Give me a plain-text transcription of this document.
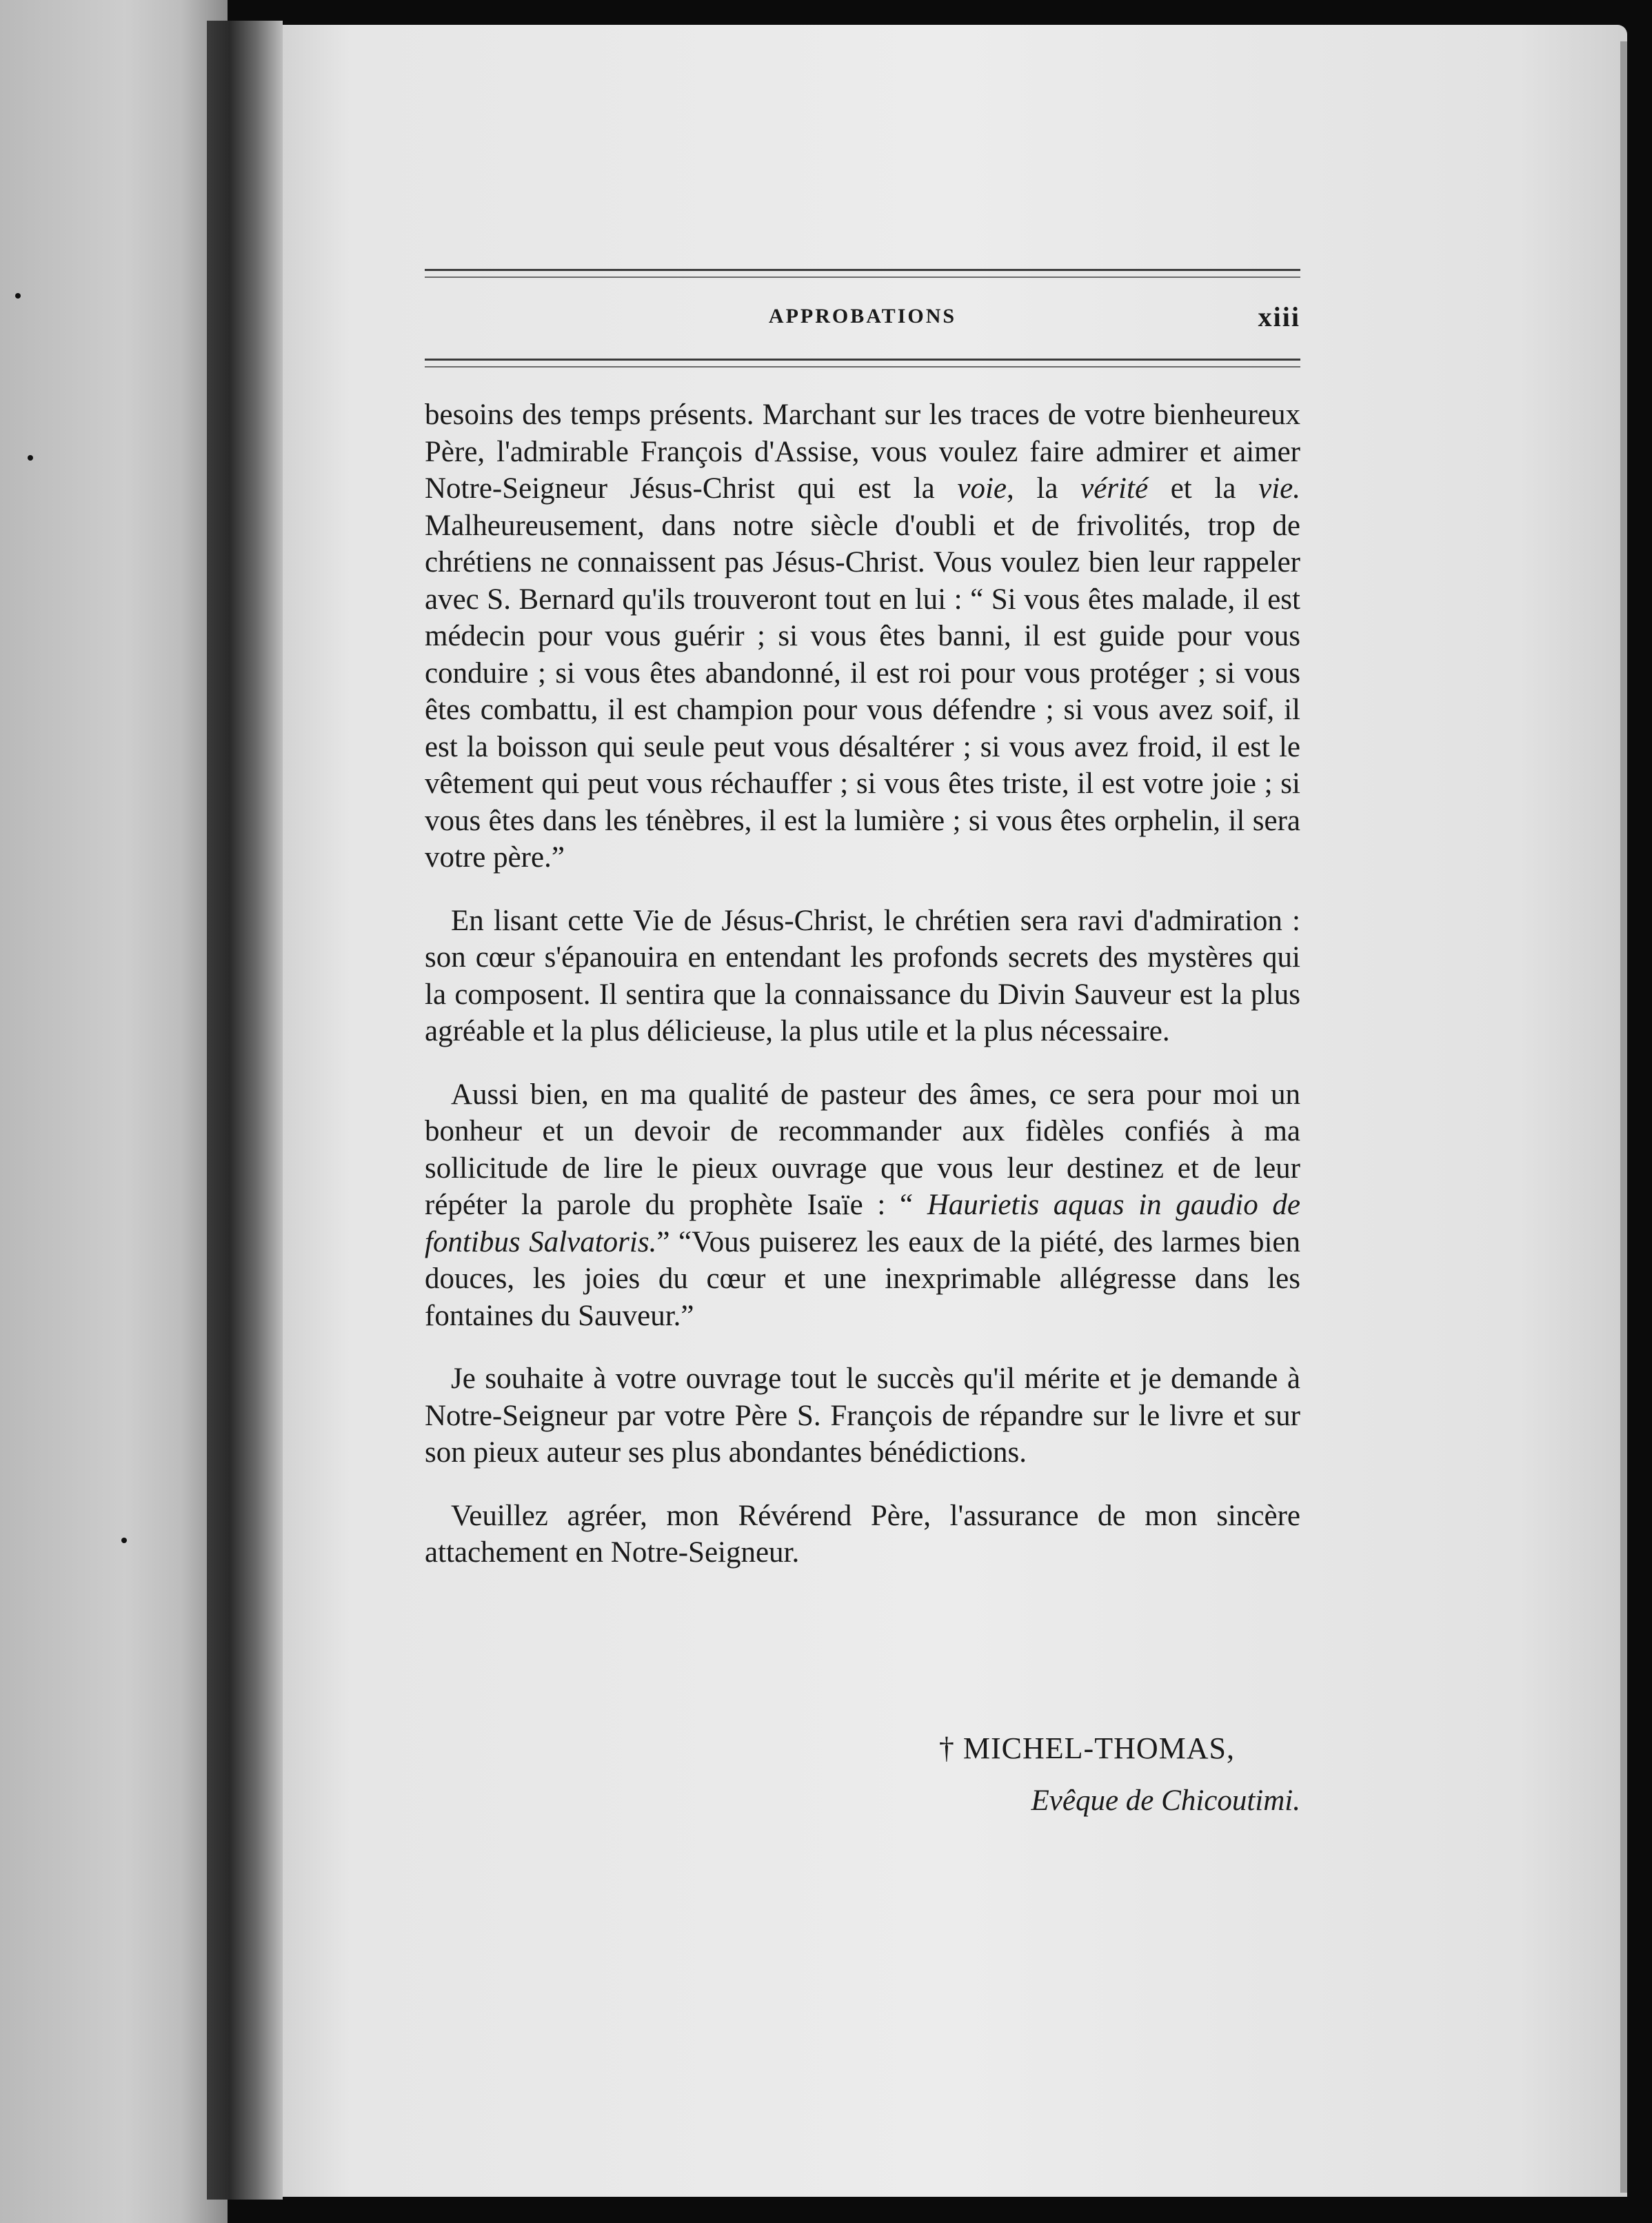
APPROBATIONS	xiii

besoins des temps présents. Marchant sur les traces de votre bienheureux Père, l'admirable François d'Assise, vous voulez faire admirer et aimer Notre-Seigneur Jésus-Christ qui est la voie, la vérité et la vie. Malheureusement, dans notre siècle d'oubli et de frivolités, trop de chrétiens ne connaissent pas Jésus-Christ. Vous voulez bien leur rappeler avec S. Bernard qu'ils trouveront tout en lui : “ Si vous êtes malade, il est médecin pour vous guérir ; si vous êtes banni, il est guide pour vous conduire ; si vous êtes abandonné, il est roi pour vous protéger ; si vous êtes combattu, il est champion pour vous défendre ; si vous avez soif, il est la boisson qui seule peut vous désaltérer ; si vous avez froid, il est le vêtement qui peut vous réchauffer ; si vous êtes triste, il est votre joie ; si vous êtes dans les ténèbres, il est la lumière ; si vous êtes orphelin, il sera votre père.”

En lisant cette Vie de Jésus-Christ, le chrétien sera ravi d'admiration : son cœur s'épanouira en entendant les profonds secrets des mystères qui la composent. Il sentira que la connaissance du Divin Sauveur est la plus agréable et la plus délicieuse, la plus utile et la plus nécessaire.

Aussi bien, en ma qualité de pasteur des âmes, ce sera pour moi un bonheur et un devoir de recommander aux fidèles confiés à ma sollicitude de lire le pieux ouvrage que vous leur destinez et de leur répéter la parole du prophète Isaïe : “ Haurietis aquas in gaudio de fontibus Salvatoris.” “Vous puiserez les eaux de la piété, des larmes bien douces, les joies du cœur et une inexprimable allégresse dans les fontaines du Sauveur.”

Je souhaite à votre ouvrage tout le succès qu'il mérite et je demande à Notre-Seigneur par votre Père S. François de répandre sur le livre et sur son pieux auteur ses plus abondantes bénédictions.

Veuillez agréer, mon Révérend Père, l'assurance de mon sincère attachement en Notre-Seigneur.

† MICHEL-THOMAS,
Evêque de Chicoutimi.
